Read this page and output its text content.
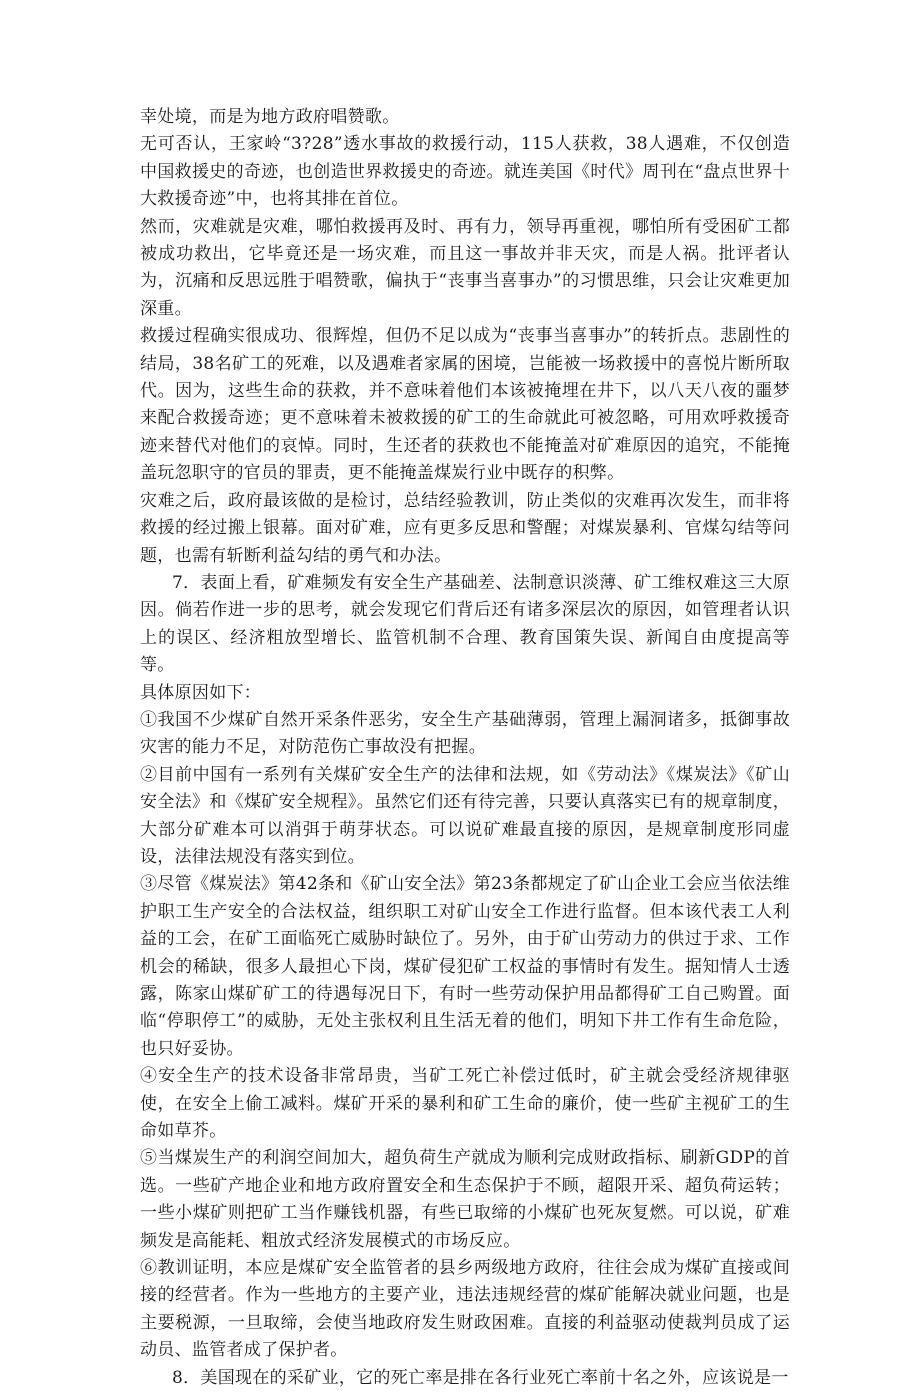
幸处境，而是为地方政府唱赞歌。

无可否认，王家岭“3?28”透水事故的救援行动，115人获救，38人遇难，不仅创造中国救援史的奇迹，也创造世界救援史的奇迹。就连美国《时代》周刊在“盘点世界十大救援奇迹”中，也将其排在首位。

然而，灾难就是灾难，哪怕救援再及时、再有力，领导再重视，哪怕所有受困矿工都被成功救出，它毕竟还是一场灾难，而且这一事故并非天灾，而是人祸。批评者认为，沉痛和反思远胜于唱赞歌，偏执于“丧事当喜事办”的习惯思维，只会让灾难更加深重。

救援过程确实很成功、很辉煌，但仍不足以成为“丧事当喜事办”的转折点。悲剧性的结局，38名矿工的死难，以及遇难者家属的困境，岂能被一场救援中的喜悦片断所取代。因为，这些生命的获救，并不意味着他们本该被掩埋在井下，以八天八夜的噩梦来配合救援奇迹；更不意味着未被救援的矿工的生命就此可被忽略，可用欢呼救援奇迹来替代对他们的哀悼。同时，生还者的获救也不能掩盖对矿难原因的追究，不能掩盖玩忽职守的官员的罪责，更不能掩盖煤炭行业中既存的积弊。

灾难之后，政府最该做的是检讨，总结经验教训，防止类似的灾难再次发生，而非将救援的经过搬上银幕。面对矿难，应有更多反思和警醒；对煤炭暴利、官煤勾结等问题，也需有斩断利益勾结的勇气和办法。

7．表面上看，矿难频发有安全生产基础差、法制意识淡薄、矿工维权难这三大原因。倘若作进一步的思考，就会发现它们背后还有诸多深层次的原因，如管理者认识上的误区、经济粗放型增长、监管机制不合理、教育国策失误、新闻自由度提高等等。

具体原因如下：

①我国不少煤矿自然开采条件恶劣，安全生产基础薄弱，管理上漏洞诸多，抵御事故灾害的能力不足，对防范伤亡事故没有把握。

②目前中国有一系列有关煤矿安全生产的法律和法规，如《劳动法》《煤炭法》《矿山安全法》和《煤矿安全规程》。虽然它们还有待完善，只要认真落实已有的规章制度，大部分矿难本可以消弭于萌芽状态。可以说矿难最直接的原因，是规章制度形同虚设，法律法规没有落实到位。

③尽管《煤炭法》第42条和《矿山安全法》第23条都规定了矿山企业工会应当依法维护职工生产安全的合法权益，组织职工对矿山安全工作进行监督。但本该代表工人利益的工会，在矿工面临死亡威胁时缺位了。另外，由于矿山劳动力的供过于求、工作机会的稀缺，很多人最担心下岗，煤矿侵犯矿工权益的事情时有发生。据知情人士透露，陈家山煤矿矿工的待遇每况日下，有时一些劳动保护用品都得矿工自己购置。面临“停职停工”的威胁，无处主张权利且生活无着的他们，明知下井工作有生命危险，也只好妥协。

④安全生产的技术设备非常昂贵，当矿工死亡补偿过低时，矿主就会受经济规律驱使，在安全上偷工减料。煤矿开采的暴利和矿工生命的廉价，使一些矿主视矿工的生命如草芥。

⑤当煤炭生产的利润空间加大，超负荷生产就成为顺利完成财政指标、刷新GDP的首选。一些矿产地企业和地方政府置安全和生态保护于不顾，超限开采、超负荷运转；一些小煤矿则把矿工当作赚钱机器，有些已取缔的小煤矿也死灰复燃。可以说，矿难频发是高能耗、粗放式经济发展模式的市场反应。

⑥教训证明，本应是煤矿安全监管者的县乡两级地方政府，往往会成为煤矿直接或间接的经营者。作为一些地方的主要产业，违法违规经营的煤矿能解决就业问题，也是主要税源，一旦取缔，会使当地政府发生财政困难。直接的利益驱动使裁判员成了运动员、监管者成了保护者。

8．美国现在的采矿业，它的死亡率是排在各行业死亡率前十名之外，应该说是一
